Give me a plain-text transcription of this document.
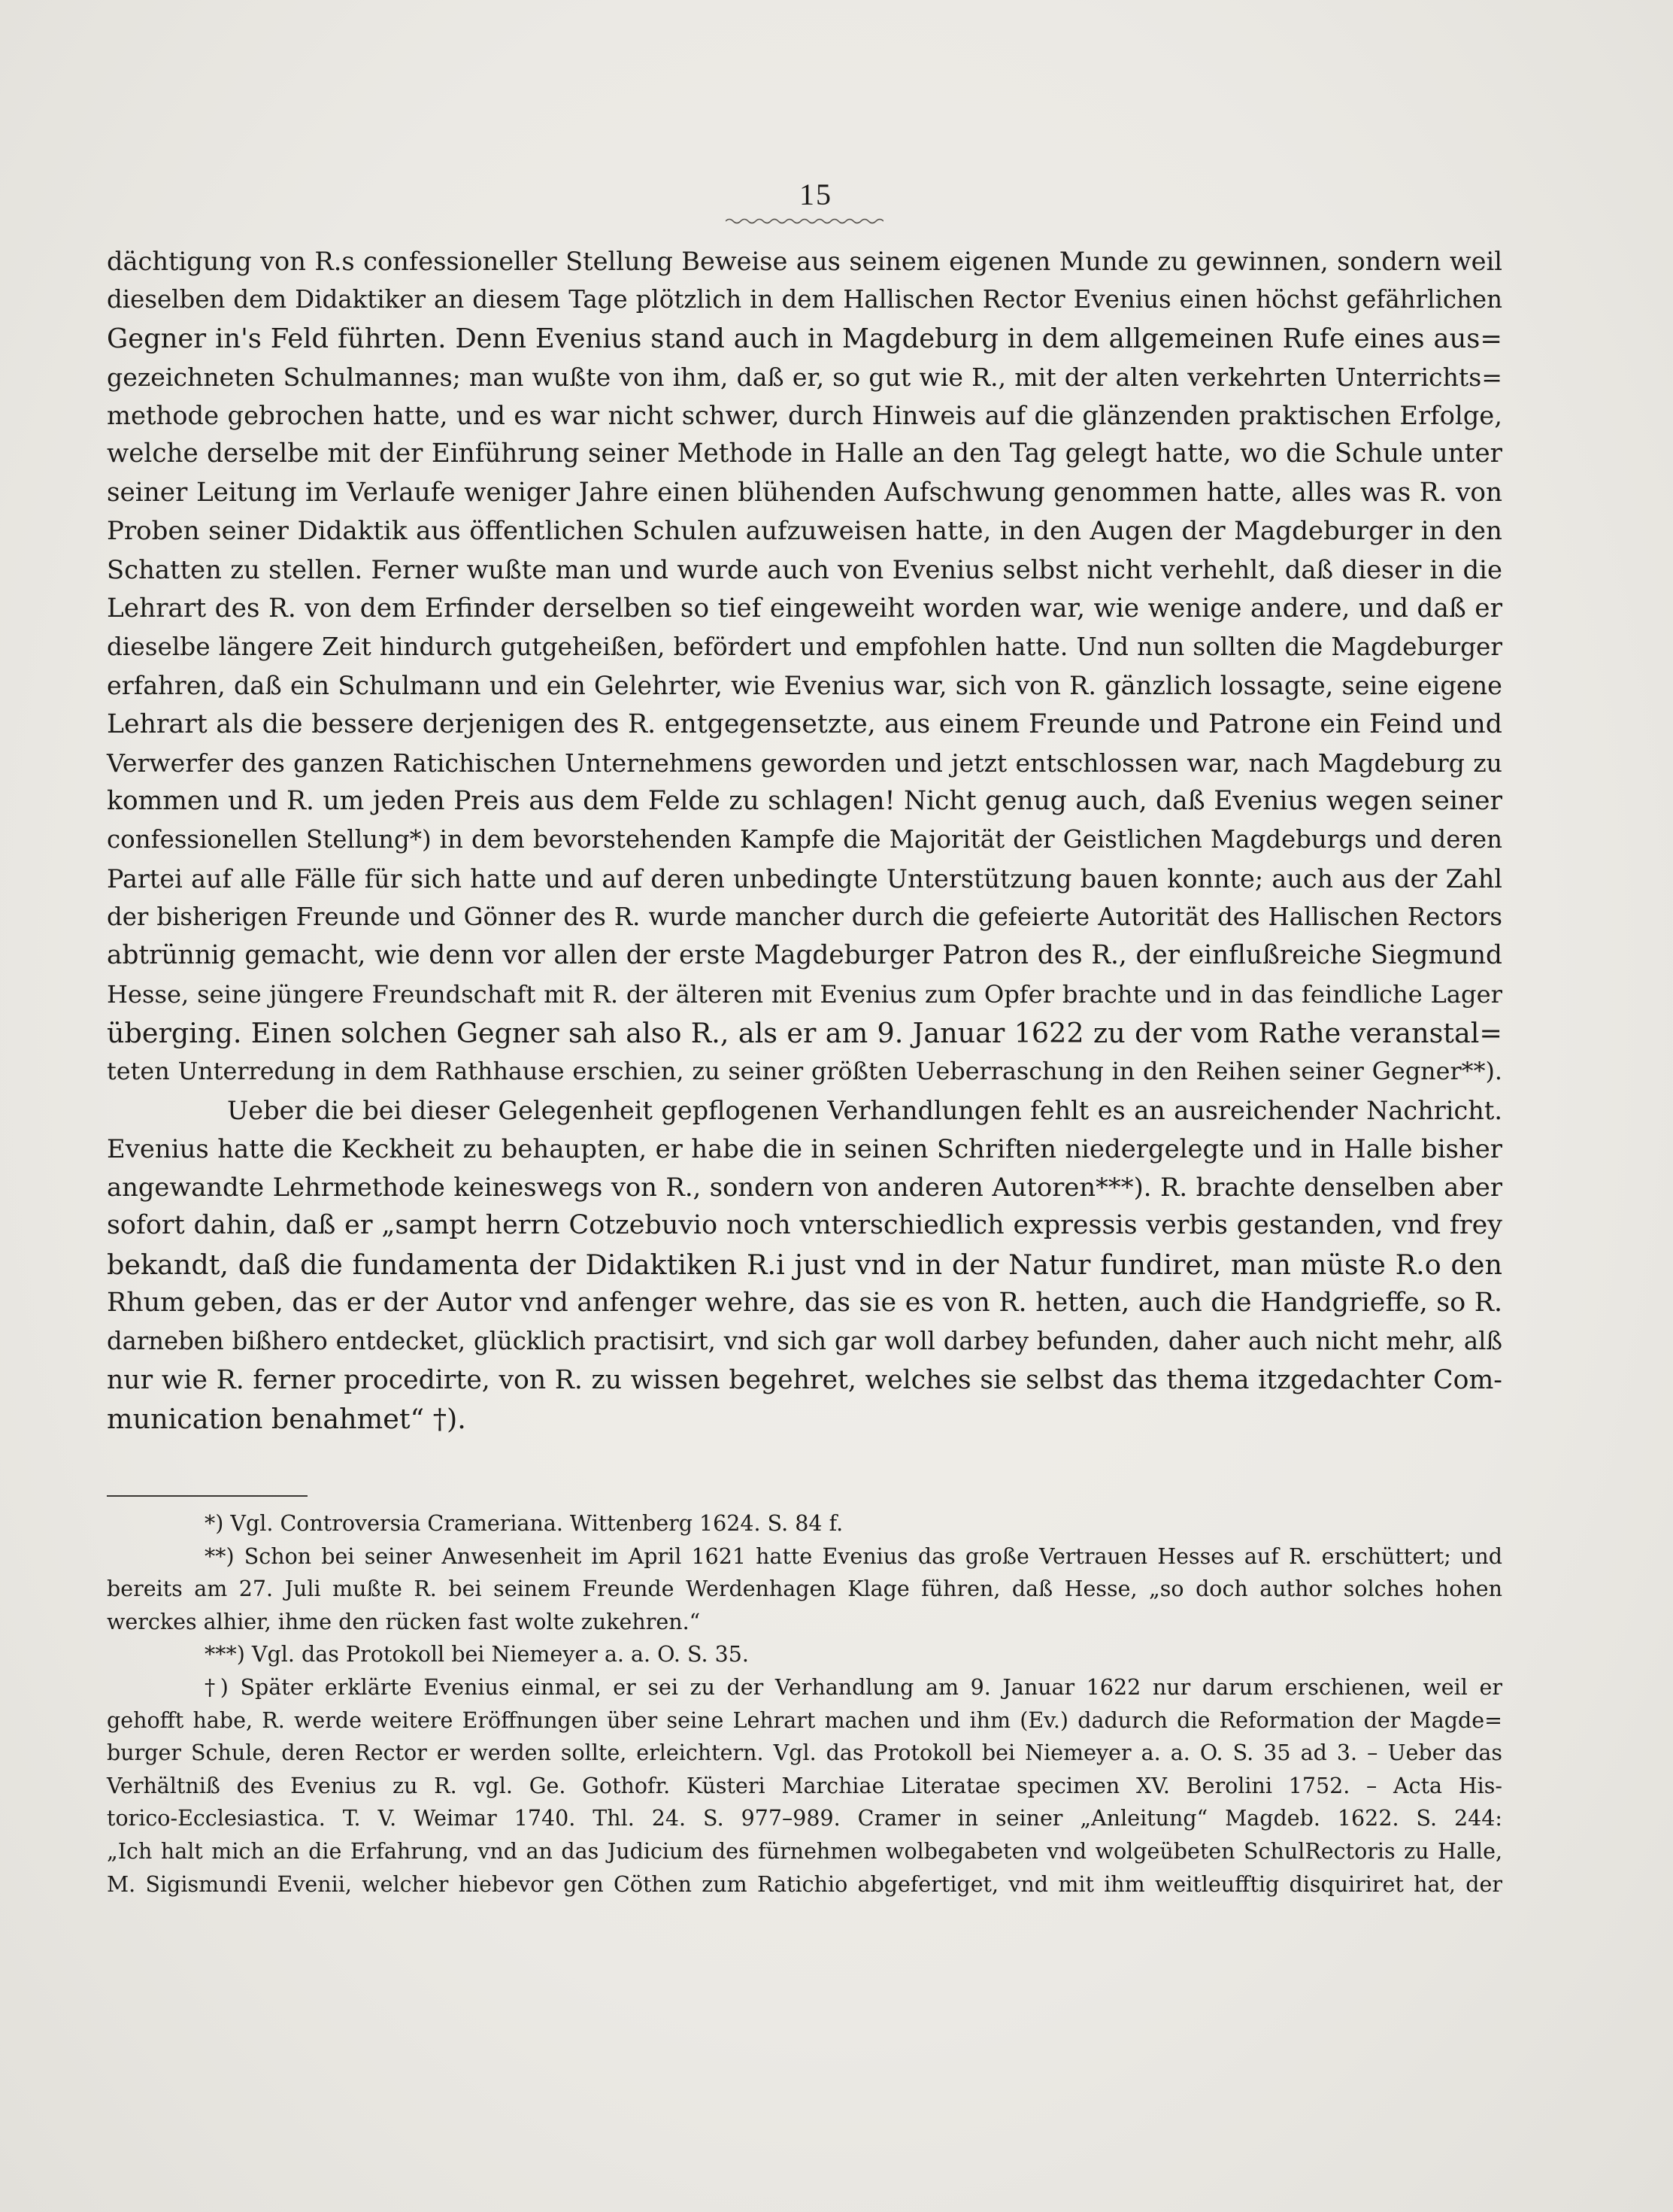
15
dächtigung von R.s confessioneller Stellung Beweise aus seinem eigenen Munde zu gewinnen, sondern weil
dieselben dem Didaktiker an diesem Tage plötzlich in dem Hallischen Rector Evenius einen höchst gefährlichen
Gegner in's Feld führten. Denn Evenius stand auch in Magdeburg in dem allgemeinen Rufe eines aus=
gezeichneten Schulmannes; man wußte von ihm, daß er, so gut wie R., mit der alten verkehrten Unterrichts=
methode gebrochen hatte, und es war nicht schwer, durch Hinweis auf die glänzenden praktischen Erfolge,
welche derselbe mit der Einführung seiner Methode in Halle an den Tag gelegt hatte, wo die Schule unter
seiner Leitung im Verlaufe weniger Jahre einen blühenden Aufschwung genommen hatte, alles was R. von
Proben seiner Didaktik aus öffentlichen Schulen aufzuweisen hatte, in den Augen der Magdeburger in den
Schatten zu stellen. Ferner wußte man und wurde auch von Evenius selbst nicht verhehlt, daß dieser in die
Lehrart des R. von dem Erfinder derselben so tief eingeweiht worden war, wie wenige andere, und daß er
dieselbe längere Zeit hindurch gutgeheißen, befördert und empfohlen hatte. Und nun sollten die Magdeburger
erfahren, daß ein Schulmann und ein Gelehrter, wie Evenius war, sich von R. gänzlich lossagte, seine eigene
Lehrart als die bessere derjenigen des R. entgegensetzte, aus einem Freunde und Patrone ein Feind und
Verwerfer des ganzen Ratichischen Unternehmens geworden und jetzt entschlossen war, nach Magdeburg zu
kommen und R. um jeden Preis aus dem Felde zu schlagen! Nicht genug auch, daß Evenius wegen seiner
confessionellen Stellung*) in dem bevorstehenden Kampfe die Majorität der Geistlichen Magdeburgs und deren
Partei auf alle Fälle für sich hatte und auf deren unbedingte Unterstützung bauen konnte; auch aus der Zahl
der bisherigen Freunde und Gönner des R. wurde mancher durch die gefeierte Autorität des Hallischen Rectors
abtrünnig gemacht, wie denn vor allen der erste Magdeburger Patron des R., der einflußreiche Siegmund
Hesse, seine jüngere Freundschaft mit R. der älteren mit Evenius zum Opfer brachte und in das feindliche Lager
überging. Einen solchen Gegner sah also R., als er am 9. Januar 1622 zu der vom Rathe veranstal=
teten Unterredung in dem Rathhause erschien, zu seiner größten Ueberraschung in den Reihen seiner Gegner**).
Ueber die bei dieser Gelegenheit gepflogenen Verhandlungen fehlt es an ausreichender Nachricht.
Evenius hatte die Keckheit zu behaupten, er habe die in seinen Schriften niedergelegte und in Halle bisher
angewandte Lehrmethode keineswegs von R., sondern von anderen Autoren***). R. brachte denselben aber
sofort dahin, daß er „sampt herrn Cotzebuvio noch vnterschiedlich expressis verbis gestanden, vnd frey
bekandt, daß die fundamenta der Didaktiken R.i just vnd in der Natur fundiret, man müste R.o den
Rhum geben, das er der Autor vnd anfenger wehre, das sie es von R. hetten, auch die Handgrieffe, so R.
darneben bißhero entdecket, glücklich practisirt, vnd sich gar woll darbey befunden, daher auch nicht mehr, alß
nur wie R. ferner procedirte, von R. zu wissen begehret, welches sie selbst das thema itzgedachter Com-
munication benahmet“ †).
*) Vgl. Controversia Crameriana. Wittenberg 1624. S. 84 f.
**) Schon bei seiner Anwesenheit im April 1621 hatte Evenius das große Vertrauen Hesses auf R. erschüttert; und
bereits am 27. Juli mußte R. bei seinem Freunde Werdenhagen Klage führen, daß Hesse, „so doch author solches hohen
werckes alhier, ihme den rücken fast wolte zukehren.“
***) Vgl. das Protokoll bei Niemeyer a. a. O. S. 35.
†) Später erklärte Evenius einmal, er sei zu der Verhandlung am 9. Januar 1622 nur darum erschienen, weil er
gehofft habe, R. werde weitere Eröffnungen über seine Lehrart machen und ihm (Ev.) dadurch die Reformation der Magde=
burger Schule, deren Rector er werden sollte, erleichtern. Vgl. das Protokoll bei Niemeyer a. a. O. S. 35 ad 3. – Ueber das
Verhältniß des Evenius zu R. vgl. Ge. Gothofr. Küsteri Marchiae Literatae specimen XV. Berolini 1752. – Acta His-
torico-Ecclesiastica. T. V. Weimar 1740. Thl. 24. S. 977–989. Cramer in seiner „Anleitung“ Magdeb. 1622. S. 244:
„Ich halt mich an die Erfahrung, vnd an das Judicium des fürnehmen wolbegabeten vnd wolgeübeten SchulRectoris zu Halle,
M. Sigismundi Evenii, welcher hiebevor gen Cöthen zum Ratichio abgefertiget, vnd mit ihm weitleufftig disquiriret hat, der
